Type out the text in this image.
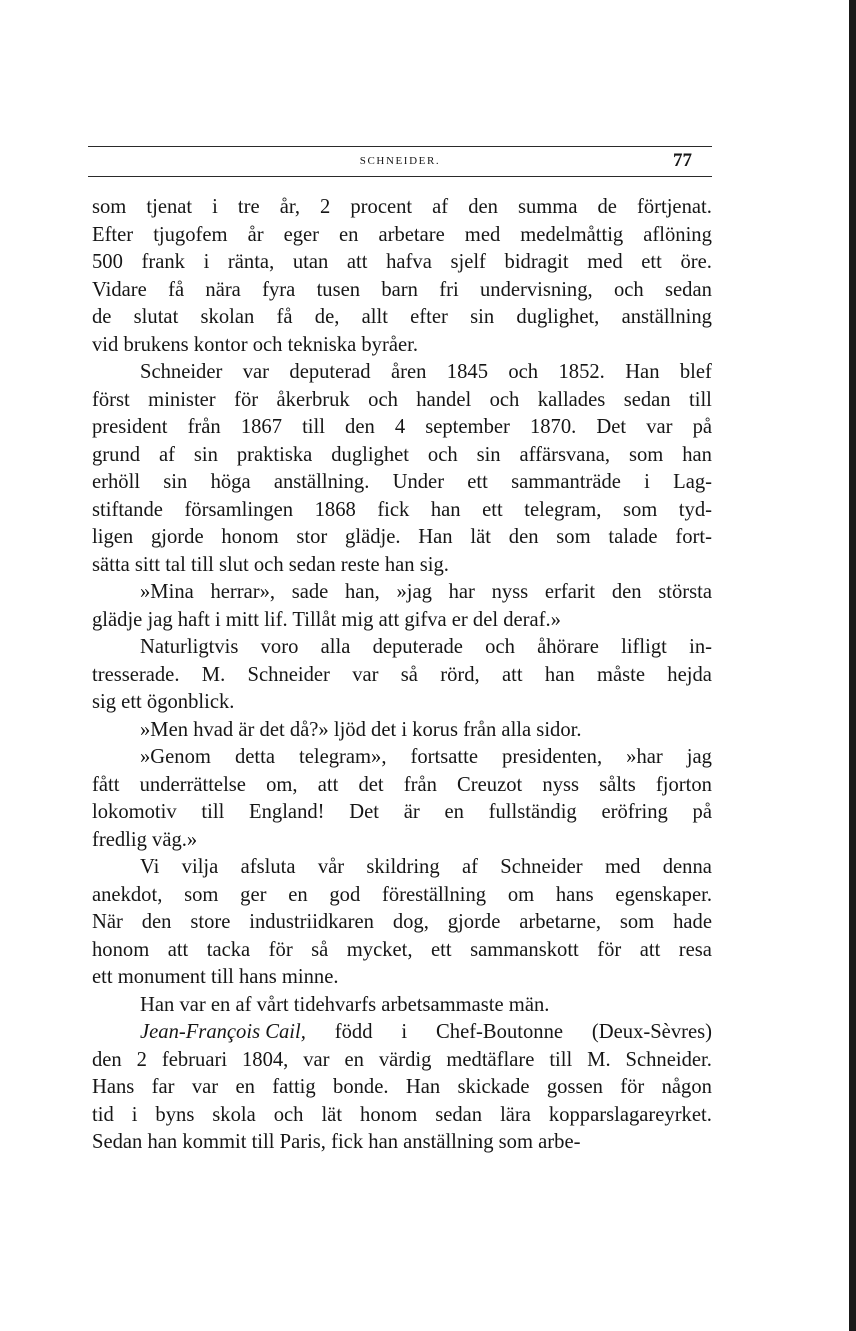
SCHNEIDER.	77
som tjenat i tre år, 2 procent af den summa de förtjenat.
Efter tjugofem år eger en arbetare med medelmåttig aflöning
500 frank i ränta, utan att hafva sjelf bidragit med ett öre.
Vidare få nära fyra tusen barn fri undervisning, och sedan
de slutat skolan få de, allt efter sin duglighet, anställning
vid brukens kontor och tekniska byråer.
Schneider var deputerad åren 1845 och 1852. Han blef
först minister för åkerbruk och handel och kallades sedan till
president från 1867 till den 4 september 1870. Det var på
grund af sin praktiska duglighet och sin affärsvana, som han
erhöll sin höga anställning. Under ett sammanträde i Lag-
stiftande församlingen 1868 fick han ett telegram, som tyd-
ligen gjorde honom stor glädje. Han lät den som talade fort-
sätta sitt tal till slut och sedan reste han sig.
»Mina herrar», sade han, »jag har nyss erfarit den största
glädje jag haft i mitt lif. Tillåt mig att gifva er del deraf.»
Naturligtvis voro alla deputerade och åhörare lifligt in-
tresserade. M. Schneider var så rörd, att han måste hejda
sig ett ögonblick.
»Men hvad är det då?» ljöd det i korus från alla sidor.
»Genom detta telegram», fortsatte presidenten, »har jag
fått underrättelse om, att det från Creuzot nyss sålts fjorton
lokomotiv till England! Det är en fullständig eröfring på
fredlig väg.»
Vi vilja afsluta vår skildring af Schneider med denna
anekdot, som ger en god föreställning om hans egenskaper.
När den store industriidkaren dog, gjorde arbetarne, som hade
honom att tacka för så mycket, ett sammanskott för att resa
ett monument till hans minne.
Han var en af vårt tidehvarfs arbetsammaste män.
Jean-François Cail, född i Chef-Boutonne (Deux-Sèvres)
den 2 februari 1804, var en värdig medtäflare till M. Schneider.
Hans far var en fattig bonde. Han skickade gossen för någon
tid i byns skola och lät honom sedan lära kopparslagareyrket.
Sedan han kommit till Paris, fick han anställning som arbe-
